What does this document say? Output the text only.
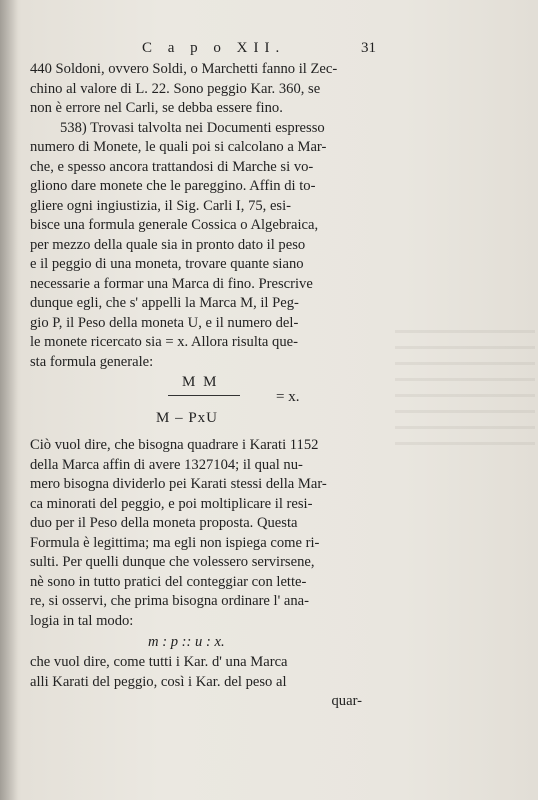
C a p o XII.	31
440 Soldoni, ovvero Soldi, o Marchetti fanno il Zec-
chino al valore di L. 22. Sono peggio Kar. 360, se
non è errore nel Carli, se debba essere fino.
538) Trovasi talvolta nei Documenti espresso
numero di Monete, le quali poi si calcolano a Mar-
che, e spesso ancora trattandosi di Marche si vo-
gliono dare monete che le pareggino. Affin di to-
gliere ogni ingiustizia, il Sig. Carli I, 75, esi-
bisce una formula generale Cossica o Algebraica,
per mezzo della quale sia in pronto dato il peso
e il peggio di una moneta, trovare quante siano
necessarie a formar una Marca di fino. Prescrive
dunque egli, che s' appelli la Marca M, il Peg-
gio P, il Peso della moneta U, e il numero del-
le monete ricercato sia = x. Allora risulta que-
sta formula generale:
M M
= x.
M – PxU
Ciò vuol dire, che bisogna quadrare i Karati 1152
della Marca affin di avere 1327104; il qual nu-
mero bisogna dividerlo pei Karati stessi della Mar-
ca minorati del peggio, e poi moltiplicare il resi-
duo per il Peso della moneta proposta. Questa
Formula è legittima; ma egli non ispiega come ri-
sulti. Per quelli dunque che volessero servirsene,
nè sono in tutto pratici del conteggiar con lette-
re, si osservi, che prima bisogna ordinare l' ana-
logia in tal modo:
m : p :: u : x.
che vuol dire, come tutti i Kar. d' una Marca
alli Karati del peggio, così i Kar. del peso al
quar-
